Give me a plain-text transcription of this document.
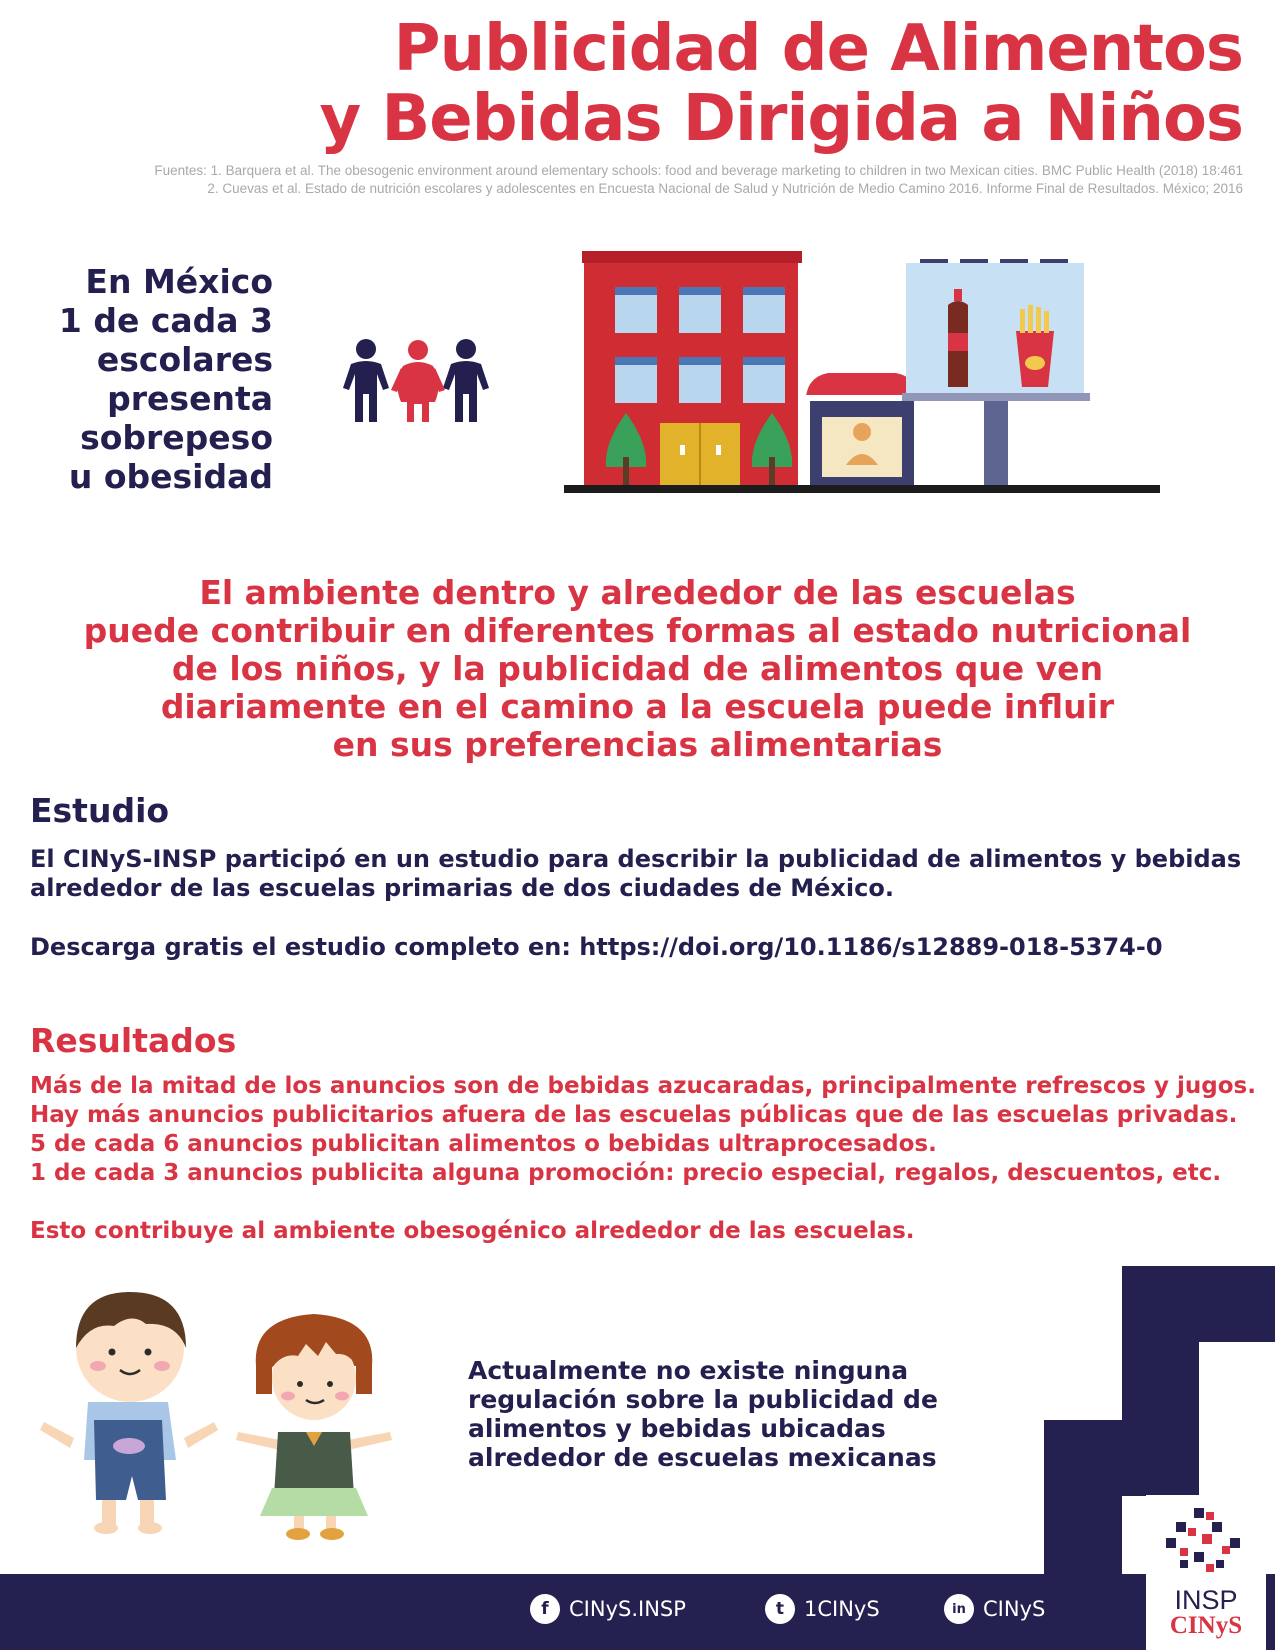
Publicidad de Alimentos
y Bebidas Dirigida a Niños
Fuentes: 1. Barquera et al. The obesogenic environment around elementary schools: food and beverage marketing to children in two Mexican cities. BMC Public Health (2018) 18:461
2. Cuevas et al. Estado de nutrición escolares y adolescentes en Encuesta Nacional de Salud y Nutrición de Medio Camino 2016. Informe Final de Resultados. México; 2016
En México
1 de cada 3
escolares
presenta
sobrepeso
u obesidad
El ambiente dentro y alrededor de las escuelas
puede contribuir en diferentes formas al estado nutricional
de los niños, y la publicidad de alimentos que ven
diariamente en el camino a la escuela puede influir
en sus preferencias alimentarias
Estudio
El CINyS-INSP participó en un estudio para describir la publicidad de alimentos y bebidas alrededor de las escuelas primarias de dos ciudades de México.
Descarga gratis el estudio completo en: https://doi.org/10.1186/s12889-018-5374-0
Resultados
Más de la mitad de los anuncios son de bebidas azucaradas, principalmente refrescos y jugos.
Hay más anuncios publicitarios afuera de las escuelas públicas que de las escuelas privadas.
5 de cada 6 anuncios publicitan alimentos o bebidas ultraprocesados.
1 de cada 3 anuncios publicita alguna promoción: precio especial, regalos, descuentos, etc.
Esto contribuye al ambiente obesogénico alrededor de las escuelas.
Actualmente no existe ninguna
regulación sobre la publicidad de
alimentos y bebidas ubicadas
alrededor de escuelas mexicanas
f CINyS.INSP	t 1CINyS	in CINyS	INSP
CINyS
